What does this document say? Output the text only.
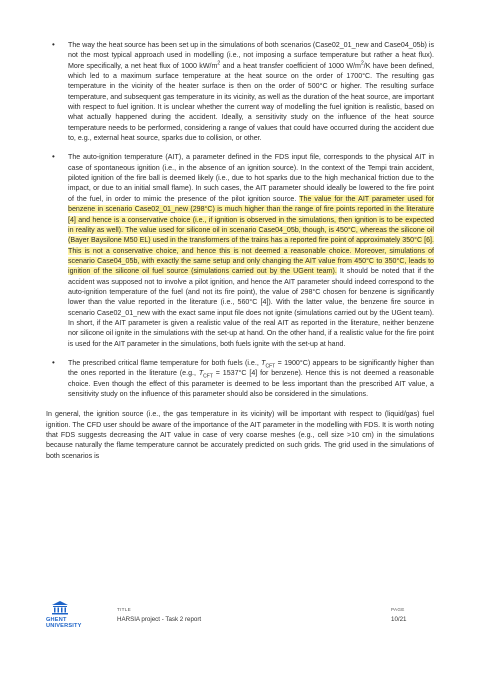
• The way the heat source has been set up in the simulations of both scenarios (Case02_01_new and Case04_05b) is not the most typical approach used in modelling (i.e., not imposing a surface temperature but rather a heat flux). More specifically, a net heat flux of 1000 $kW/m^2$ and a heat transfer coefficient of 1000 $W/m^2/K$ have been defined, which led to a maximum surface temperature at the heat source on the order of 1700°C. The resulting gas temperature in the vicinity of the heater surface is then on the order of 500°C or higher. The resulting surface temperature, and subsequent gas temperature in its vicinity, as well as the duration of the heat source, are important with respect to fuel ignition. It is unclear whether the current way of modelling the fuel ignition is realistic, based on what actually happened during the accident. Ideally, a sensitivity study on the influence of the heat source temperature needs to be performed, considering a range of values that could have occurred during the accident due to, e.g., external heat source, sparks due to collision, or other.
• The auto-ignition temperature (AIT), a parameter defined in the FDS input file, corresponds to the physical AIT in case of spontaneous ignition (i.e., in the absence of an ignition source). In the context of the Tempi train accident, piloted ignition of the fire ball is deemed likely (i.e., due to hot sparks due to the high mechanical friction due to the impact, or due to an initial small flame). In such cases, the AIT parameter should ideally be lowered to the fire point of the fuel, in order to mimic the presence of the pilot ignition source. The value for the AIT parameter used for benzene in scenario Case02_01_new (298°C) is much higher than the range of fire points reported in the literature [4] and hence is a conservative choice (i.e., if ignition is observed in the simulations, then ignition is to be expected in reality as well). The value used for silicone oil in scenario Case04_05b, though, is 450°C, whereas the silicone oil (Bayer Baysilone M50 EL) used in the transformers of the trains has a reported fire point of approximately 350°C [6]. This is not a conservative choice, and hence this is not deemed a reasonable choice. Moreover, simulations of scenario Case04_05b, with exactly the same setup and only changing the AIT value from 450°C to 350°C, leads to ignition of the silicone oil fuel source (simulations carried out by the UGent team). It should be noted that if the accident was supposed not to involve a pilot ignition, and hence the AIT parameter should indeed correspond to the auto-ignition temperature of the fuel (and not its fire point), the value of 298°C chosen for benzene is significantly lower than the value reported in the literature (i.e., 560°C [4]). With the latter value, the benzene fire source in scenario Case02_01_new with the exact same input file does not ignite (simulations carried out by the UGent team). In short, if the AIT parameter is given a realistic value of the real AIT as reported in the literature, neither benzene nor silicone oil ignite in the simulations with the set-up at hand. On the other hand, if a realistic value for the fire point is used for the AIT parameter in the simulations, both fuels ignite with the set-up at hand.
• The prescribed critical flame temperature for both fuels (i.e., $T_{CFT} = 1900^\circ C$) appears to be significantly higher than the ones reported in the literature (e.g., $T_{CFT} = 1537^\circ C$ [4] for benzene). Hence this is not deemed a reasonable choice. Even though the effect of this parameter is deemed to be less important than the prescribed AIT value, a sensitivity study on the influence of this parameter should also be considered in the simulations.

In general, the ignition source (i.e., the gas temperature in its vicinity) will be important with respect to (liquid/gas) fuel ignition. The CFD user should be aware of the importance of the AIT parameter in the modelling with FDS. It is worth noting that FDS suggests decreasing the AIT value in case of very coarse meshes (e.g., cell size >10 cm) in the simulations because naturally the flame temperature cannot be accurately predicted on such grids. The grid used in the simulations of both scenarios is

GHENT
UNIVERSITY
TITLE
HARSIA project - Task 2 report
PAGE
10/21
